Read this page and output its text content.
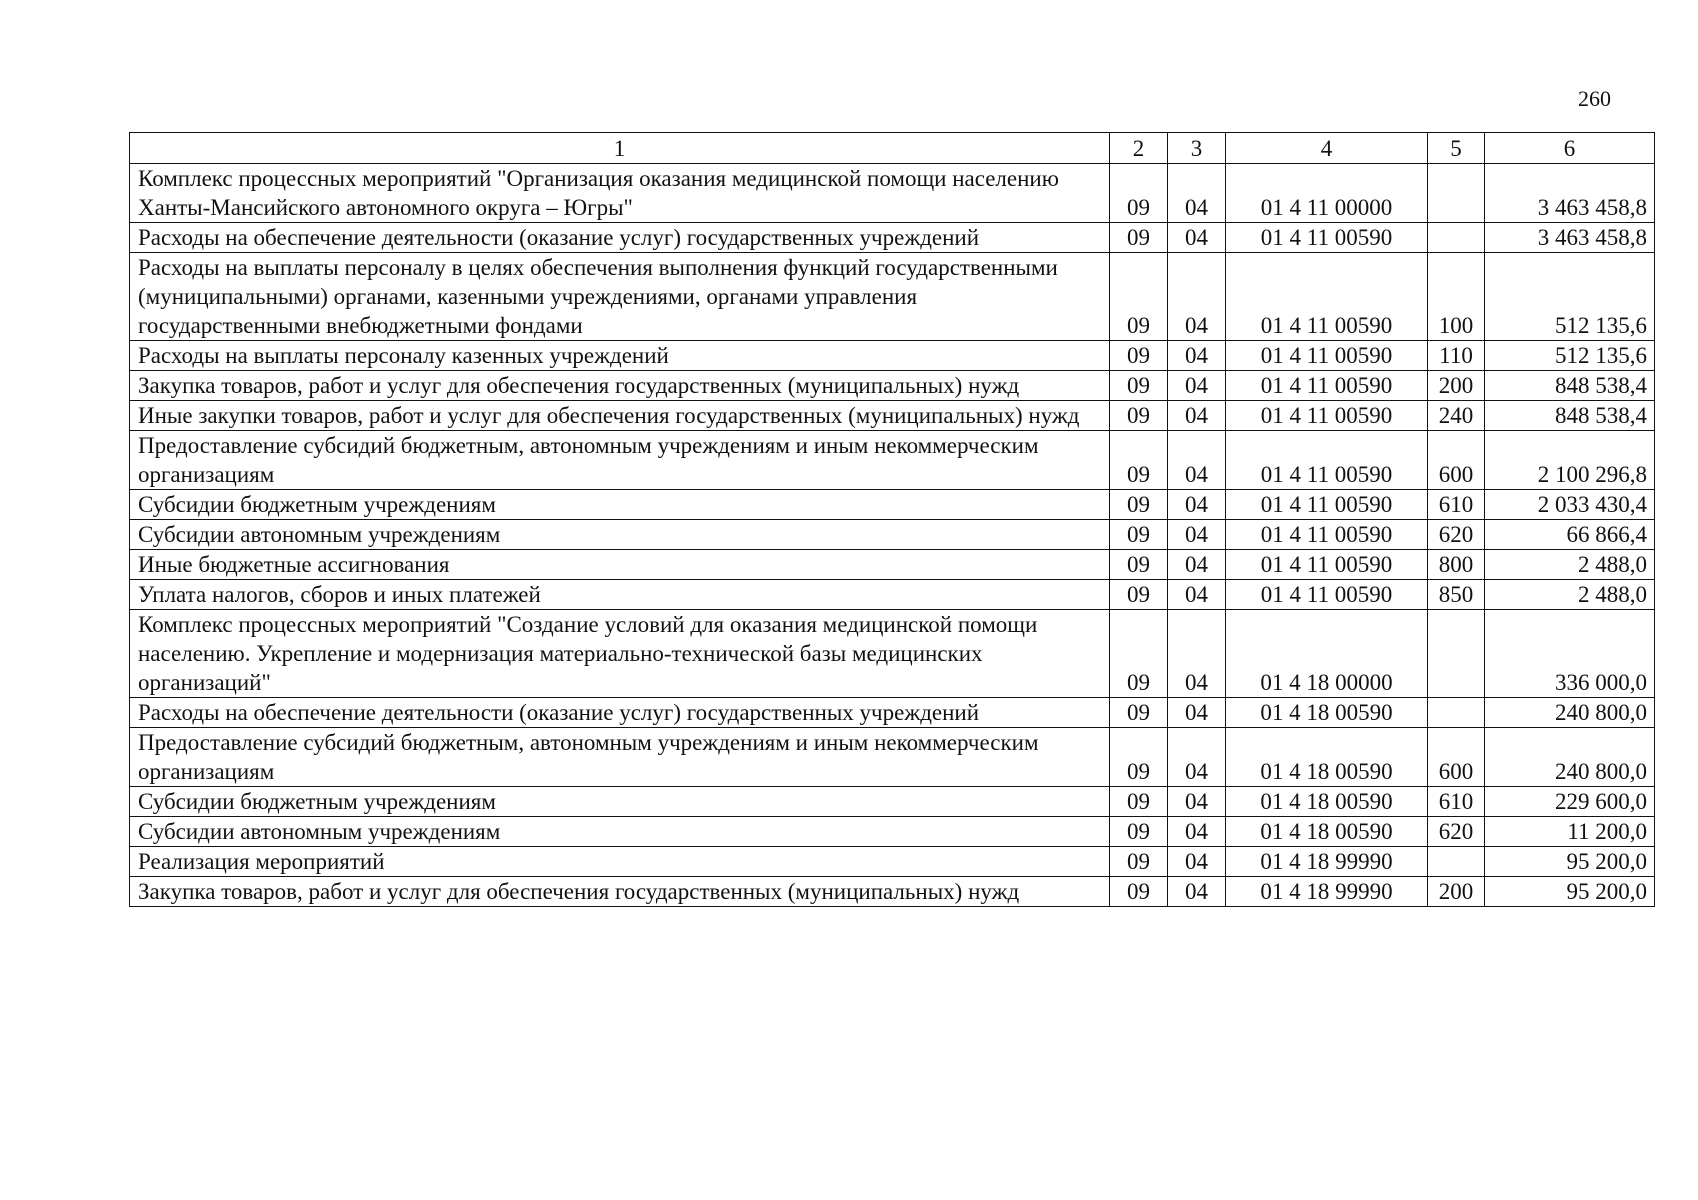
260
1	2	3	4	5	6
Комплекс процессных мероприятий "Организация оказания медицинской помощи населению Ханты-Мансийского автономного округа – Югры"	09	04	01 4 11 00000		3 463 458,8
Расходы на обеспечение деятельности (оказание услуг) государственных учреждений	09	04	01 4 11 00590		3 463 458,8
Расходы на выплаты персоналу в целях обеспечения выполнения функций государственными (муниципальными) органами, казенными учреждениями, органами управления государственными внебюджетными фондами	09	04	01 4 11 00590	100	512 135,6
Расходы на выплаты персоналу казенных учреждений	09	04	01 4 11 00590	110	512 135,6
Закупка товаров, работ и услуг для обеспечения государственных (муниципальных) нужд	09	04	01 4 11 00590	200	848 538,4
Иные закупки товаров, работ и услуг для обеспечения государственных (муниципальных) нужд	09	04	01 4 11 00590	240	848 538,4
Предоставление субсидий бюджетным, автономным учреждениям и иным некоммерческим организациям	09	04	01 4 11 00590	600	2 100 296,8
Субсидии бюджетным учреждениям	09	04	01 4 11 00590	610	2 033 430,4
Субсидии автономным учреждениям	09	04	01 4 11 00590	620	66 866,4
Иные бюджетные ассигнования	09	04	01 4 11 00590	800	2 488,0
Уплата налогов, сборов и иных платежей	09	04	01 4 11 00590	850	2 488,0
Комплекс процессных мероприятий "Создание условий для оказания медицинской помощи населению. Укрепление и модернизация материально-технической базы медицинских организаций"	09	04	01 4 18 00000		336 000,0
Расходы на обеспечение деятельности (оказание услуг) государственных учреждений	09	04	01 4 18 00590		240 800,0
Предоставление субсидий бюджетным, автономным учреждениям и иным некоммерческим организациям	09	04	01 4 18 00590	600	240 800,0
Субсидии бюджетным учреждениям	09	04	01 4 18 00590	610	229 600,0
Субсидии автономным учреждениям	09	04	01 4 18 00590	620	11 200,0
Реализация мероприятий	09	04	01 4 18 99990		95 200,0
Закупка товаров, работ и услуг для обеспечения государственных (муниципальных) нужд	09	04	01 4 18 99990	200	95 200,0
